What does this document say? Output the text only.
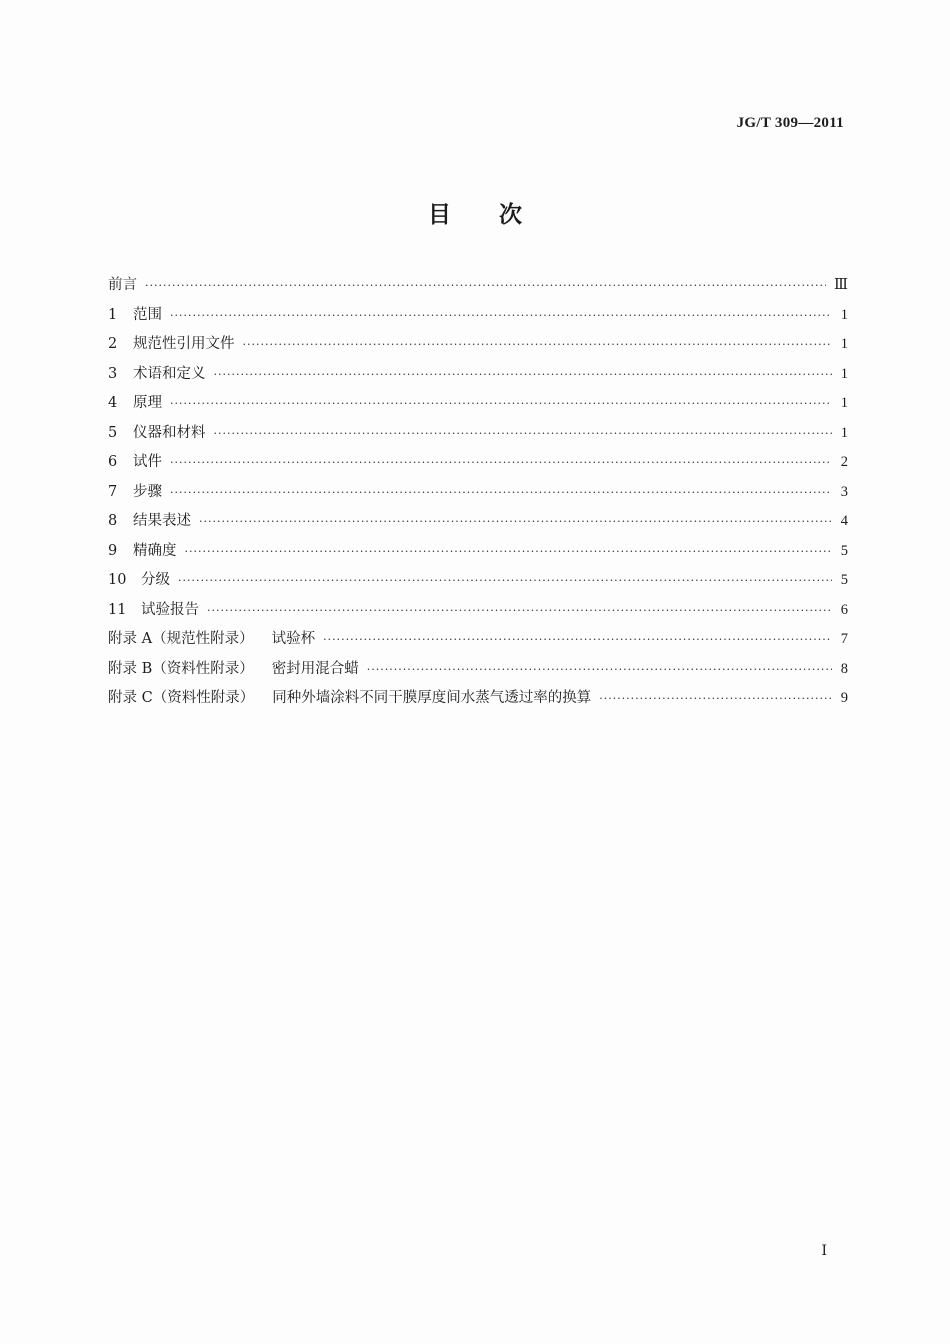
JG/T 309—2011
目 次
前言 ·····	Ⅲ
1	范围 ·····	1
2	规范性引用文件 ·····	1
3	术语和定义 ·····	1
4	原理 ·····	1
5	仪器和材料 ·····	1
6	试件 ·····	2
7	步骤 ·····	3
8	结果表述 ·····	4
9	精确度 ·····	5
10	分级 ·····	5
11	试验报告 ·····	6
附录 A（规范性附录） 试验杯 ·····	7
附录 B（资料性附录） 密封用混合蜡 ·····	8
附录 C（资料性附录） 同种外墙涂料不同干膜厚度间水蒸气透过率的换算 ·····	9
Ⅰ
